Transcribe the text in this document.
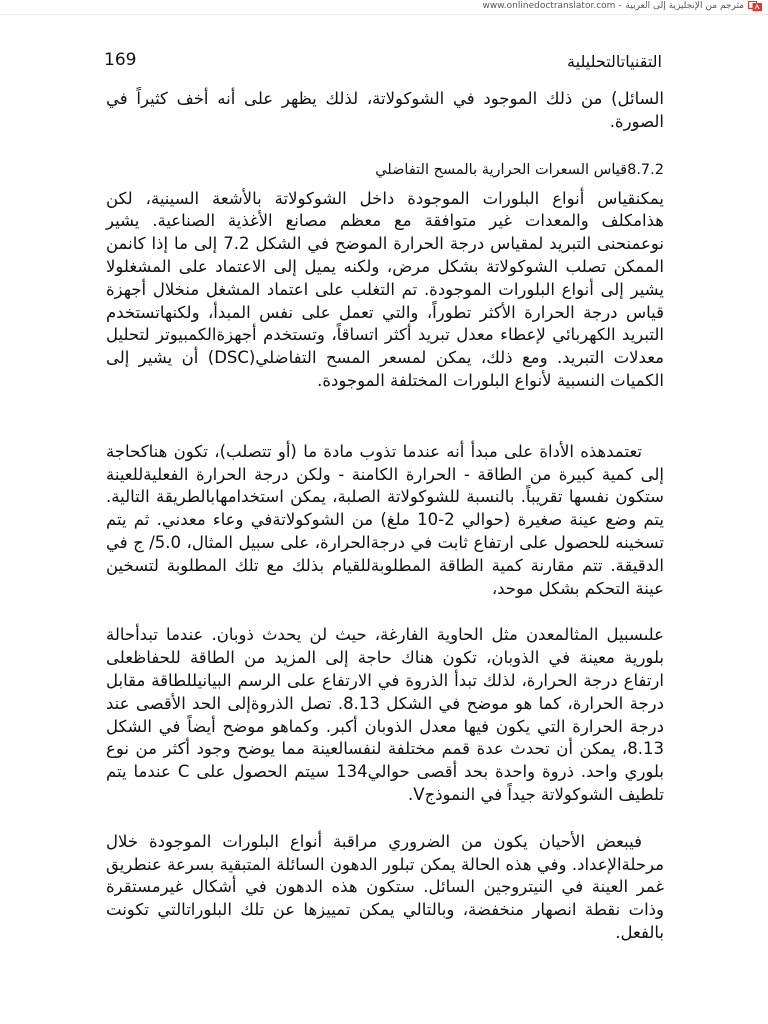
www.onlinedoctranslator.com - مترجم من الإنجليزية إلى العربية
169	التقنياتالتحليلية

السائل) من ذلك الموجود في الشوكولاتة، لذلك يظهر على أنه أخف كثيراً في الصورة.

8.7.2قياس السعرات الحرارية بالمسح التفاضلي

يمكنقياس أنواع البلورات الموجودة داخل الشوكولاتة بالأشعة السينية، لكن هذامكلف والمعدات غير متوافقة مع معظم مصانع الأغذية الصناعية. يشير نوعمنحنى التبريد لمقياس درجة الحرارة الموضح في الشكل 7.2 إلى ما إذا كانمن الممكن تصلب الشوكولاتة بشكل مرض، ولكنه يميل إلى الاعتماد على المشغلولا يشير إلى أنواع البلورات الموجودة. تم التغلب على اعتماد المشغل منخلال أجهزة قياس درجة الحرارة الأكثر تطوراً، والتي تعمل على نفس المبدأ، ولكنهاتستخدم التبريد الكهربائي لإعطاء معدل تبريد أكثر اتساقاً، وتستخدم أجهزةالكمبيوتر لتحليل معدلات التبريد. ومع ذلك، يمكن لمسعر المسح التفاضلي(DSC) أن يشير إلى الكميات النسبية لأنواع البلورات المختلفة الموجودة.

تعتمدهذه الأداة على مبدأ أنه عندما تذوب مادة ما (أو تتصلب)، تكون هناكحاجة إلى كمية كبيرة من الطاقة - الحرارة الكامنة - ولكن درجة الحرارة الفعليةللعينة ستكون نفسها تقريباً. بالنسبة للشوكولاتة الصلبة، يمكن استخدامهابالطريقة التالية. يتم وضع عينة صغيرة (حوالي 2-10 ملغ) من الشوكولاتةفي وعاء معدني. ثم يتم تسخينه للحصول على ارتفاع ثابت في درجةالحرارة، على سبيل المثال، 5.0/ ج في الدقيقة. تتم مقارنة كمية الطاقة المطلوبةللقيام بذلك مع تلك المطلوبة لتسخين عينة التحكم بشكل موحد،

علىسبيل المثالمعدن مثل الحاوية الفارغة، حيث لن يحدث ذوبان. عندما تبدأحالة بلورية معينة في الذوبان، تكون هناك حاجة إلى المزيد من الطاقة للحفاظعلى ارتفاع درجة الحرارة، لذلك تبدأ الذروة في الارتفاع على الرسم البيانيللطاقة مقابل درجة الحرارة، كما هو موضح في الشكل 8.13. تصل الذروةإلى الحد الأقصى عند درجة الحرارة التي يكون فيها معدل الذوبان أكبر. وكماهو موضح أيضاً في الشكل 8.13، يمكن أن تحدث عدة قمم مختلفة لنفسالعينة مما يوضح وجود أكثر من نوع بلوري واحد. ذروة واحدة بحد أقصى حوالي134 سيتم الحصول على C عندما يتم تلطيف الشوكولاتة جيداً في النموذجV.

فيبعض الأحيان يكون من الضروري مراقبة أنواع البلورات الموجودة خلال مرحلةالإعداد. وفي هذه الحالة يمكن تبلور الدهون السائلة المتبقية بسرعة عنطريق غمر العينة في النيتروجين السائل. ستكون هذه الدهون في أشكال غيرمستقرة وذات نقطة انصهار منخفضة، وبالتالي يمكن تمييزها عن تلك البلوراتالتي تكونت بالفعل.
